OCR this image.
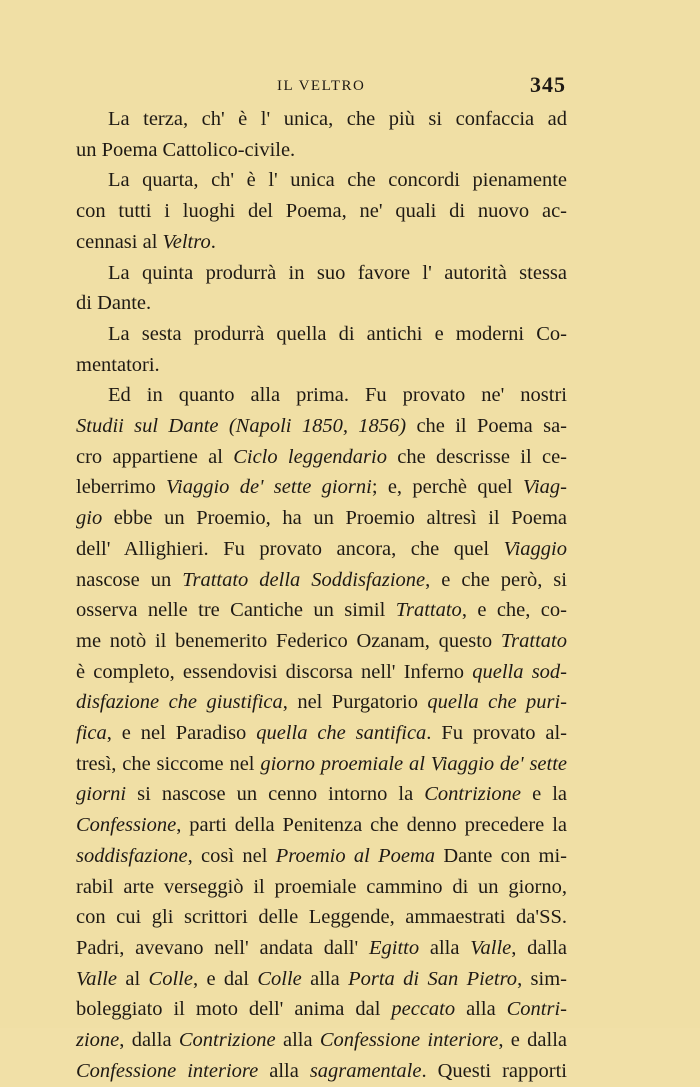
IL VELTRO	345
La terza, ch' è l' unica, che più si confaccia ad
un Poema Cattolico-civile.
La quarta, ch' è l' unica che concordi pienamente
con tutti i luoghi del Poema, ne' quali di nuovo ac-
cennasi al Veltro.
La quinta produrrà in suo favore l' autorità stessa
di Dante.
La sesta produrrà quella di antichi e moderni Co-
mentatori.
Ed in quanto alla prima. Fu provato ne' nostri
Studii sul Dante (Napoli 1850, 1856) che il Poema sa-
cro appartiene al Ciclo leggendario che descrisse il ce-
leberrimo Viaggio de' sette giorni; e, perchè quel Viag-
gio ebbe un Proemio, ha un Proemio altresì il Poema
dell' Allighieri. Fu provato ancora, che quel Viaggio
nascose un Trattato della Soddisfazione, e che però, si
osserva nelle tre Cantiche un simil Trattato, e che, co-
me notò il benemerito Federico Ozanam, questo Trattato
è completo, essendovisi discorsa nell' Inferno quella sod-
disfazione che giustifica, nel Purgatorio quella che puri-
fica, e nel Paradiso quella che santifica. Fu provato al-
tresì, che siccome nel giorno proemiale al Viaggio de' sette
giorni si nascose un cenno intorno la Contrizione e la
Confessione, parti della Penitenza che denno precedere la
soddisfazione, così nel Proemio al Poema Dante con mi-
rabil arte verseggiò il proemiale cammino di un giorno,
con cui gli scrittori delle Leggende, ammaestrati da'SS.
Padri, avevano nell' andata dall' Egitto alla Valle, dalla
Valle al Colle, e dal Colle alla Porta di San Pietro, sim-
boleggiato il moto dell' anima dal peccato alla Contri-
zione, dalla Contrizione alla Confessione interiore, e dalla
Confessione interiore alla sagramentale. Questi rapporti
